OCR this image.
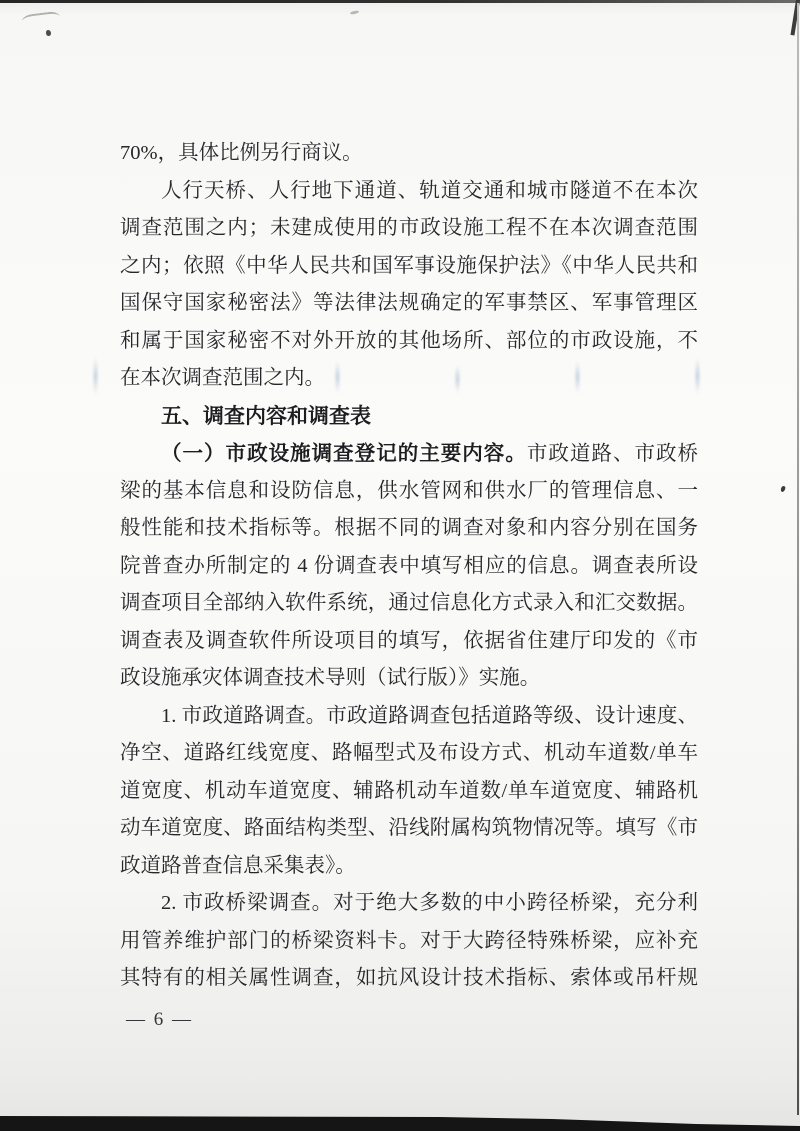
70%，具体比例另行商议。

人行天桥、人行地下通道、轨道交通和城市隧道不在本次

调查范围之内；未建成使用的市政设施工程不在本次调查范围

之内；依照《中华人民共和国军事设施保护法》《中华人民共和

国保守国家秘密法》等法律法规确定的军事禁区、军事管理区

和属于国家秘密不对外开放的其他场所、部位的市政设施，不

在本次调查范围之内。

五、调查内容和调查表

（一）市政设施调查登记的主要内容。市政道路、市政桥

梁的基本信息和设防信息，供水管网和供水厂的管理信息、一

般性能和技术指标等。根据不同的调查对象和内容分别在国务

院普查办所制定的 4 份调查表中填写相应的信息。调查表所设

调查项目全部纳入软件系统，通过信息化方式录入和汇交数据。

调查表及调查软件所设项目的填写，依据省住建厅印发的《市

政设施承灾体调查技术导则（试行版）》实施。

1. 市政道路调查。市政道路调查包括道路等级、设计速度、

净空、道路红线宽度、路幅型式及布设方式、机动车道数/单车

道宽度、机动车道宽度、辅路机动车道数/单车道宽度、辅路机

动车道宽度、路面结构类型、沿线附属构筑物情况等。填写《市

政道路普查信息采集表》。

2. 市政桥梁调查。对于绝大多数的中小跨径桥梁，充分利

用管养维护部门的桥梁资料卡。对于大跨径特殊桥梁，应补充

其特有的相关属性调查，如抗风设计技术指标、索体或吊杆规

— 6 —
